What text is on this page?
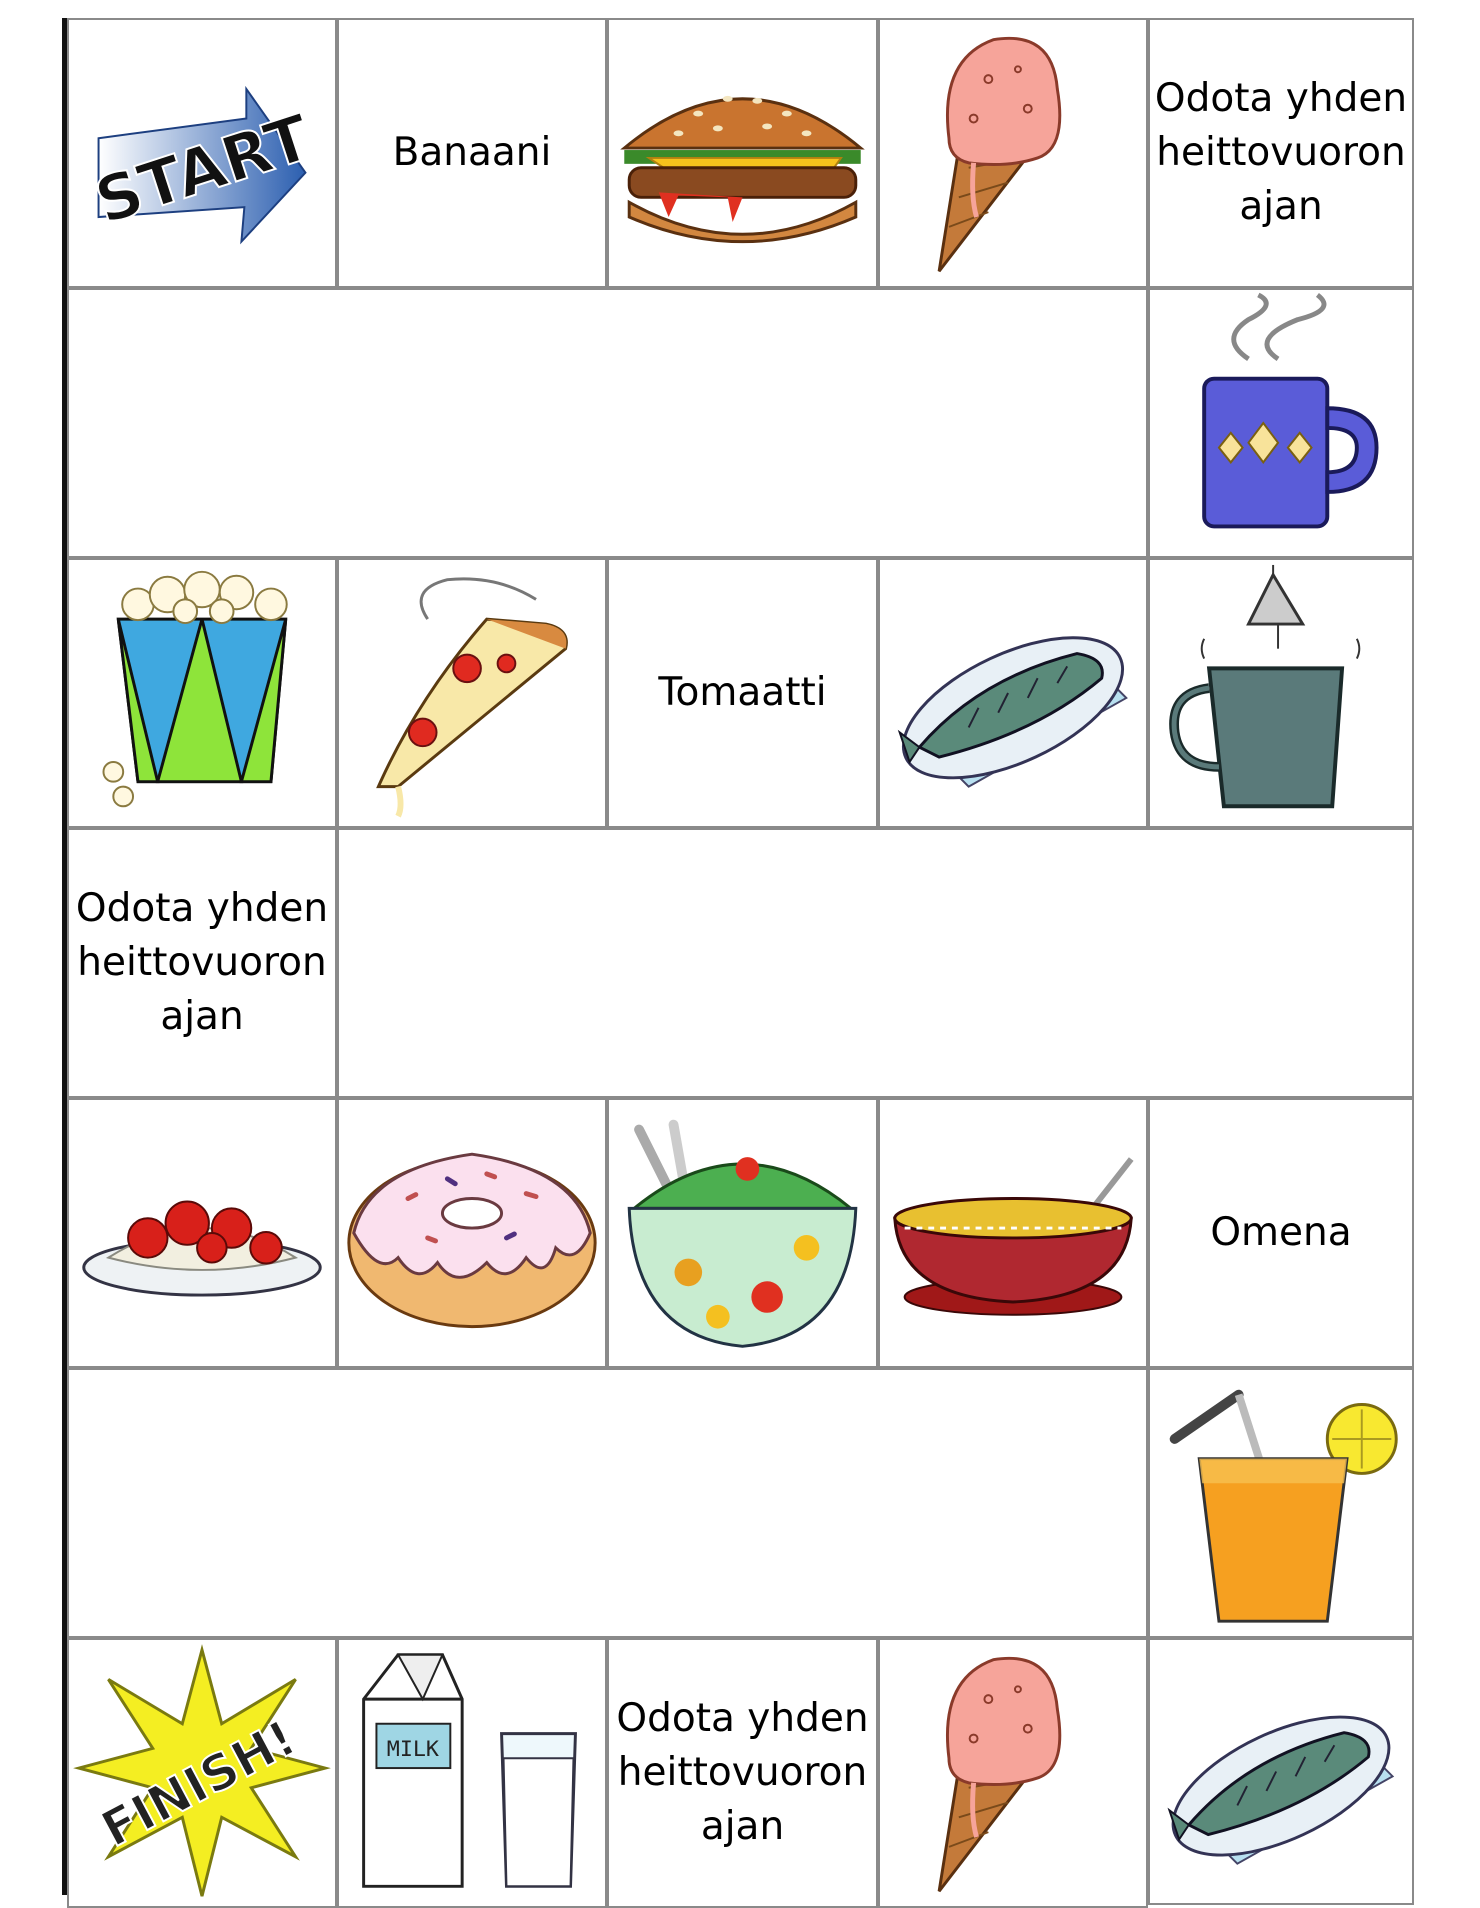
START	Banaani
Odota yhden
heittovuoron
ajan
Tomaatti
Odota yhden
heittovuoron
ajan
Omena
FINISH!	MILK
Odota yhden
heittovuoron
ajan
